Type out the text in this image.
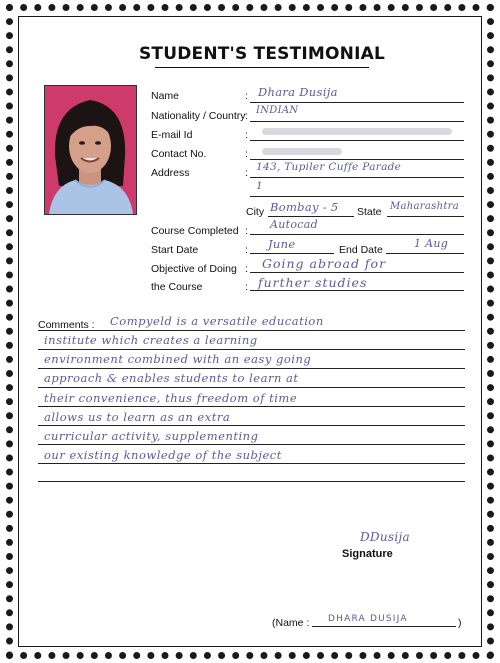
STUDENT'S TESTIMONIAL
Name	: Dhara Dusija
Nationality / Country : INDIAN
E-mail Id	:
Contact No.	:
Address	: 143, Tupiler Cuffe Parade
1
City Bombay - 5 State Maharashtra
Course Completed : Autocad
Start Date	: June	End Date	1 Aug
Objective of Doing : Going abroad for
the Course	: further studies
Comments : Compyeld is a versatile education
institute which creates a learning
environment combined with an easy going
approach & enables students to learn at
their convenience, thus freedom of time
allows us to learn as an extra
curricular activity, supplementing
our existing knowledge of the subject
DDusija
Signature
(Name : DHARA DUSIJA	)
